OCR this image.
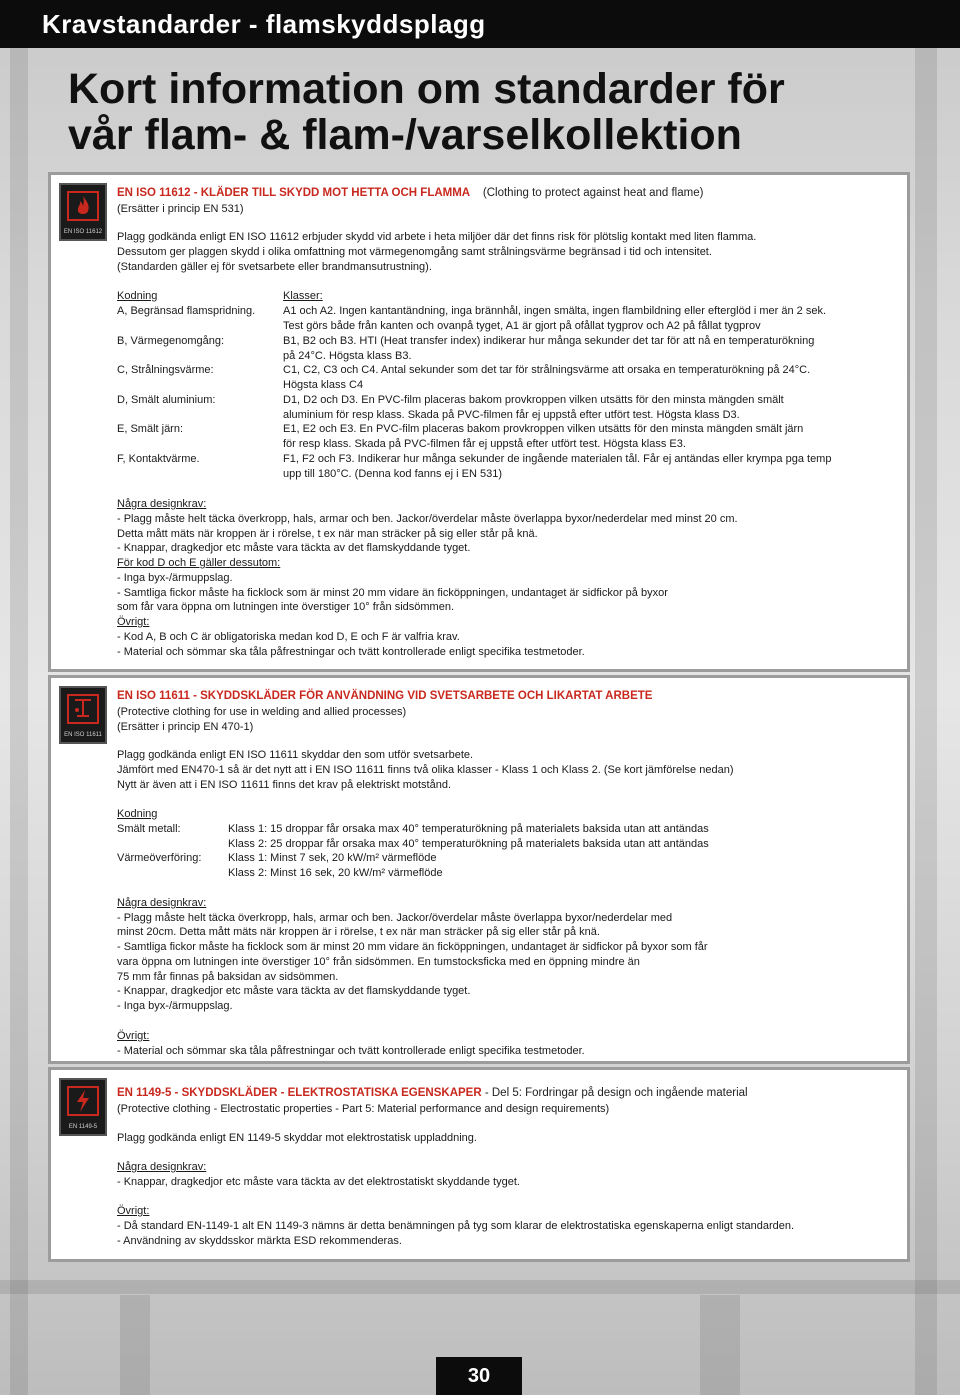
Kravstandarder - flamskyddsplagg
Kort information om standarder för
vår flam- & flam-/varselkollektion
EN ISO 11612
EN ISO 11612 - KLÄDER TILL SKYDD MOT HETTA OCH FLAMMA (Clothing to protect against heat and flame)
(Ersätter i princip EN 531)
Plagg godkända enligt EN ISO 11612 erbjuder skydd vid arbete i heta miljöer där det finns risk för plötslig kontakt med liten flamma.
Dessutom ger plaggen skydd i olika omfattning mot värmegenomgång samt strålningsvärme begränsad i tid och intensitet.
(Standarden gäller ej för svetsarbete eller brandmansutrustning).
Kodning	Klasser:
A, Begränsad flamspridning.
B, Värmegenomgång:
C, Strålningsvärme:
D, Smält aluminium:
E, Smält järn:
F, Kontaktvärme.
A1 och A2. Ingen kantantändning, inga brännhål, ingen smälta, ingen flambildning eller efterglöd i mer än 2 sek.
Test görs både från kanten och ovanpå tyget, A1 är gjort på ofållat tygprov och A2 på fållat tygprov
B1, B2 och B3. HTI (Heat transfer index) indikerar hur många sekunder det tar för att nå en temperaturökning
på 24°C. Högsta klass B3.
C1, C2, C3 och C4. Antal sekunder som det tar för strålningsvärme att orsaka en temperaturökning på 24°C.
Högsta klass C4
D1, D2 och D3. En PVC-film placeras bakom provkroppen vilken utsätts för den minsta mängden smält
aluminium för resp klass. Skada på PVC-filmen får ej uppstå efter utfört test. Högsta klass D3.
E1, E2 och E3. En PVC-film placeras bakom provkroppen vilken utsätts för den minsta mängden smält järn
för resp klass. Skada på PVC-filmen får ej uppstå efter utfört test. Högsta klass E3.
F1, F2 och F3. Indikerar hur många sekunder de ingående materialen tål. Får ej antändas eller krympa pga temp
upp till 180°C. (Denna kod fanns ej i EN 531)
Några designkrav:
- Plagg måste helt täcka överkropp, hals, armar och ben. Jackor/överdelar måste överlappa byxor/nederdelar med minst 20 cm.
Detta mått mäts när kroppen är i rörelse, t ex när man sträcker på sig eller står på knä.
- Knappar, dragkedjor etc måste vara täckta av det flamskyddande tyget.
För kod D och E gäller dessutom:
- Inga byx-/ärmuppslag.
- Samtliga fickor måste ha ficklock som är minst 20 mm vidare än ficköppningen, undantaget är sidfickor på byxor
som får vara öppna om lutningen inte överstiger 10° från sidsömmen.
Övrigt:
- Kod A, B och C är obligatoriska medan kod D, E och F är valfria krav.
- Material och sömmar ska tåla påfrestningar och tvätt kontrollerade enligt specifika testmetoder.
EN ISO 11611
EN ISO 11611 - SKYDDSKLÄDER FÖR ANVÄNDNING VID SVETSARBETE OCH LIKARTAT ARBETE
(Protective clothing for use in welding and allied processes)
(Ersätter i princip EN 470-1)
Plagg godkända enligt EN ISO 11611 skyddar den som utför svetsarbete.
Jämfört med EN470-1 så är det nytt att i EN ISO 11611 finns två olika klasser - Klass 1 och Klass 2. (Se kort jämförelse nedan)
Nytt är även att i EN ISO 11611 finns det krav på elektriskt motstånd.
Kodning
Smält metall:
Värmeöverföring:
Klass 1: 15 droppar får orsaka max 40° temperaturökning på materialets baksida utan att antändas
Klass 2: 25 droppar får orsaka max 40° temperaturökning på materialets baksida utan att antändas
Klass 1: Minst 7 sek, 20 kW/m² värmeflöde
Klass 2: Minst 16 sek, 20 kW/m² värmeflöde
Några designkrav:
- Plagg måste helt täcka överkropp, hals, armar och ben. Jackor/överdelar måste överlappa byxor/nederdelar med
minst 20cm. Detta mått mäts när kroppen är i rörelse, t ex när man sträcker på sig eller står på knä.
- Samtliga fickor måste ha ficklock som är minst 20 mm vidare än ficköppningen, undantaget är sidfickor på byxor som får
vara öppna om lutningen inte överstiger 10° från sidsömmen. En tumstocksficka med en öppning mindre än
75 mm får finnas på baksidan av sidsömmen.
- Knappar, dragkedjor etc måste vara täckta av det flamskyddande tyget.
- Inga byx-/ärmuppslag.
Övrigt:
- Material och sömmar ska tåla påfrestningar och tvätt kontrollerade enligt specifika testmetoder.
EN 1149-5
EN 1149-5 - SKYDDSKLÄDER - ELEKTROSTATISKA EGENSKAPER - Del 5: Fordringar på design och ingående material
(Protective clothing - Electrostatic properties - Part 5: Material performance and design requirements)
Plagg godkända enligt EN 1149-5 skyddar mot elektrostatisk uppladdning.
Några designkrav:
- Knappar, dragkedjor etc måste vara täckta av det elektrostatiskt skyddande tyget.
Övrigt:
- Då standard EN-1149-1 alt EN 1149-3 nämns är detta benämningen på tyg som klarar de elektrostatiska egenskaperna enligt standarden.
- Användning av skyddsskor märkta ESD rekommenderas.
30
